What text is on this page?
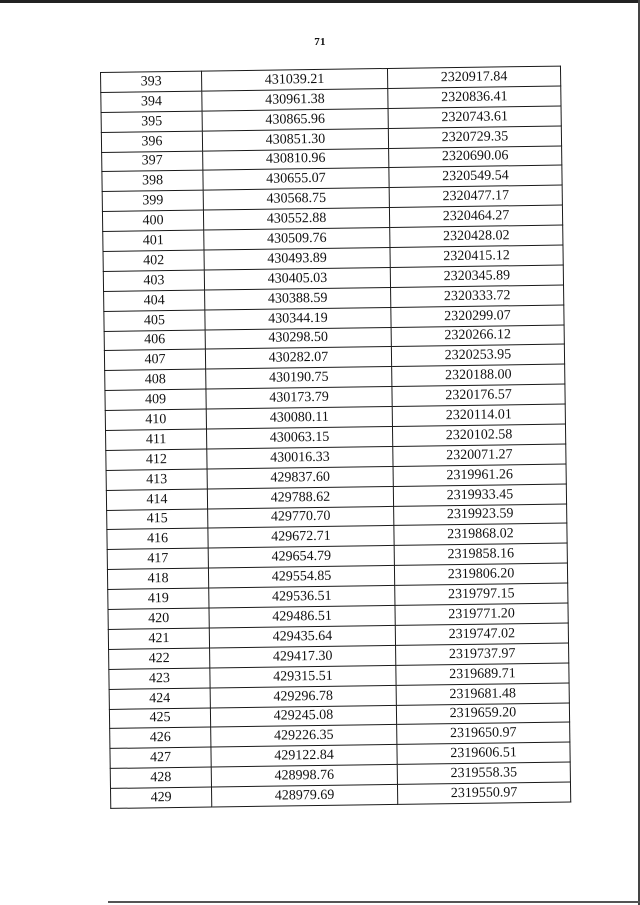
71
393	431039.21	2320917.84
394	430961.38	2320836.41
395	430865.96	2320743.61
396	430851.30	2320729.35
397	430810.96	2320690.06
398	430655.07	2320549.54
399	430568.75	2320477.17
400	430552.88	2320464.27
401	430509.76	2320428.02
402	430493.89	2320415.12
403	430405.03	2320345.89
404	430388.59	2320333.72
405	430344.19	2320299.07
406	430298.50	2320266.12
407	430282.07	2320253.95
408	430190.75	2320188.00
409	430173.79	2320176.57
410	430080.11	2320114.01
411	430063.15	2320102.58
412	430016.33	2320071.27
413	429837.60	2319961.26
414	429788.62	2319933.45
415	429770.70	2319923.59
416	429672.71	2319868.02
417	429654.79	2319858.16
418	429554.85	2319806.20
419	429536.51	2319797.15
420	429486.51	2319771.20
421	429435.64	2319747.02
422	429417.30	2319737.97
423	429315.51	2319689.71
424	429296.78	2319681.48
425	429245.08	2319659.20
426	429226.35	2319650.97
427	429122.84	2319606.51
428	428998.76	2319558.35
429	428979.69	2319550.97
